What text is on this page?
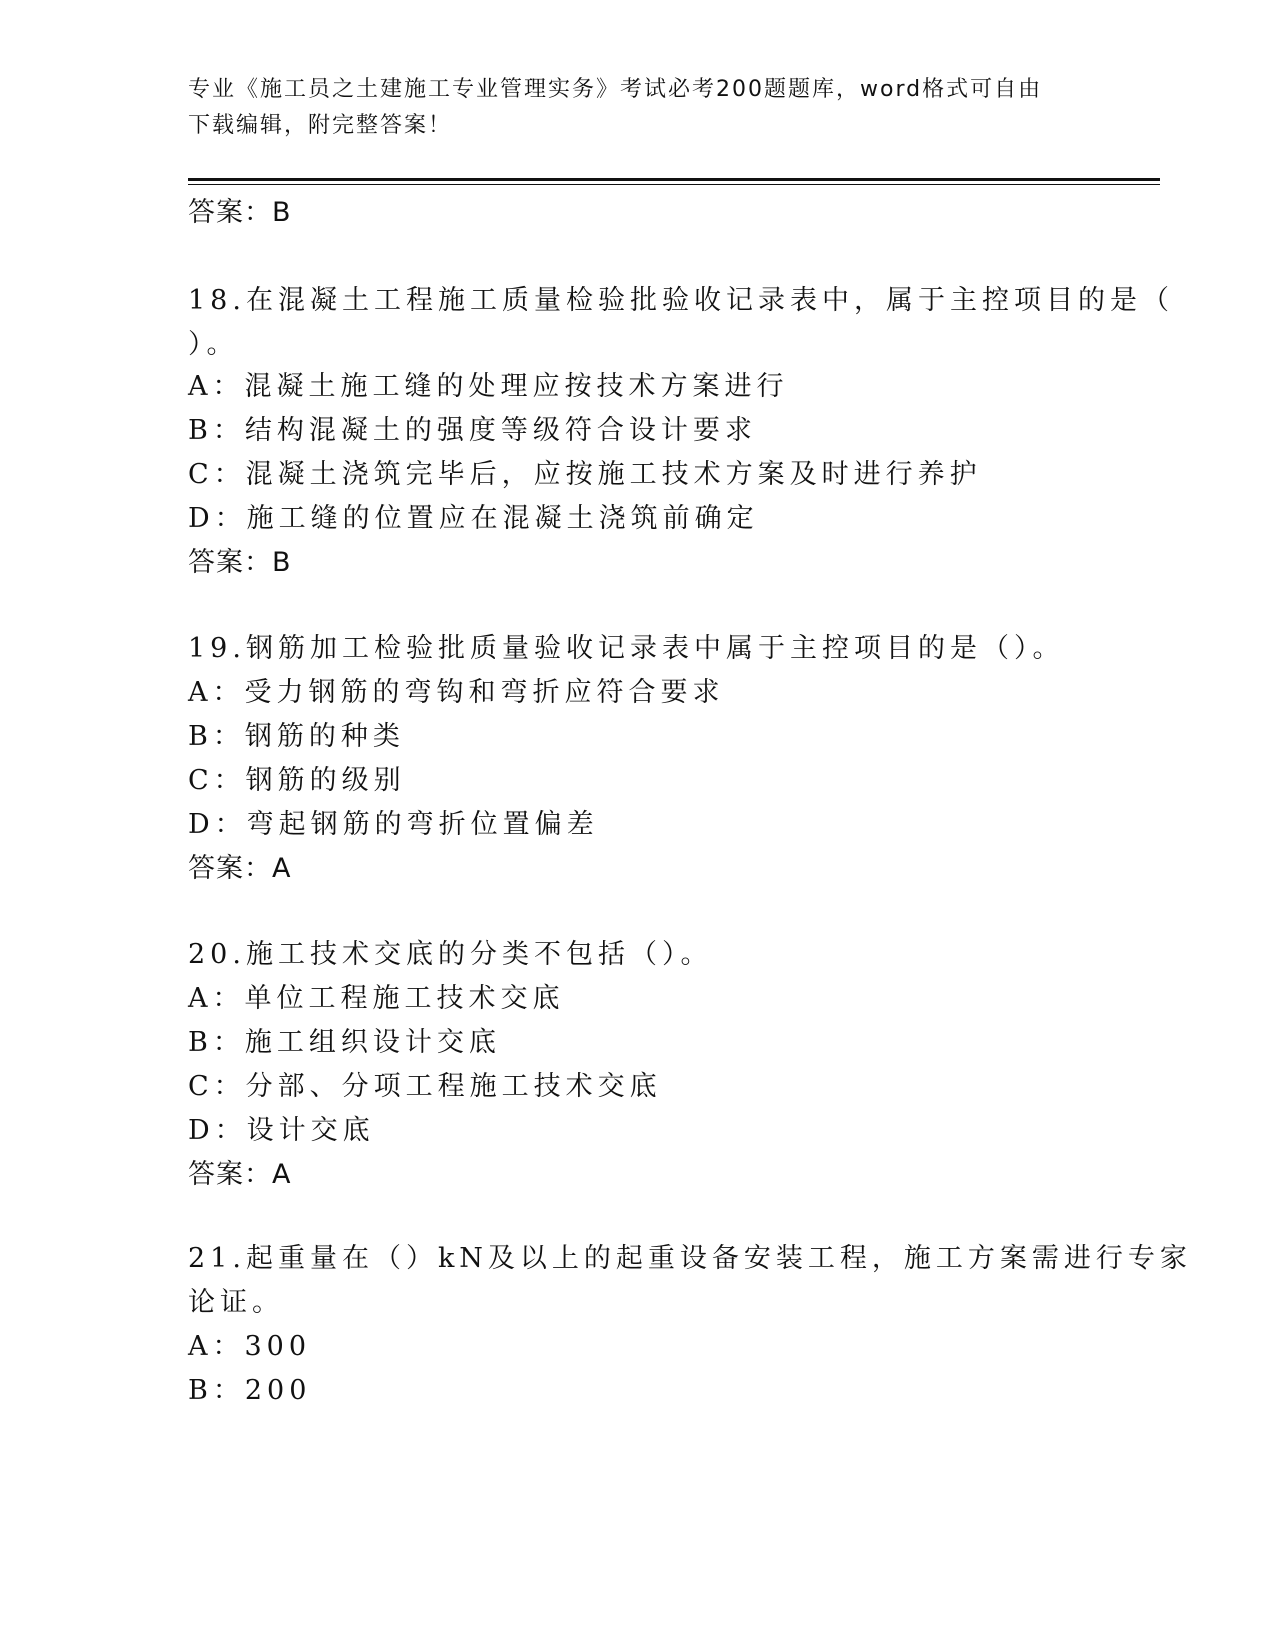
专业《施工员之土建施工专业管理实务》考试必考200题题库，word格式可自由
下载编辑，附完整答案！
答案：B
18.在混凝土工程施工质量检验批验收记录表中，属于主控项目的是（
）。
A：混凝土施工缝的处理应按技术方案进行
B：结构混凝土的强度等级符合设计要求
C：混凝土浇筑完毕后，应按施工技术方案及时进行养护
D：施工缝的位置应在混凝土浇筑前确定
答案：B
19.钢筋加工检验批质量验收记录表中属于主控项目的是（）。
A：受力钢筋的弯钩和弯折应符合要求
B：钢筋的种类
C：钢筋的级别
D：弯起钢筋的弯折位置偏差
答案：A
20.施工技术交底的分类不包括（）。
A：单位工程施工技术交底
B：施工组织设计交底
C：分部、分项工程施工技术交底
D：设计交底
答案：A
21.起重量在（）kN及以上的起重设备安装工程，施工方案需进行专家
论证。
A：300
B：200
